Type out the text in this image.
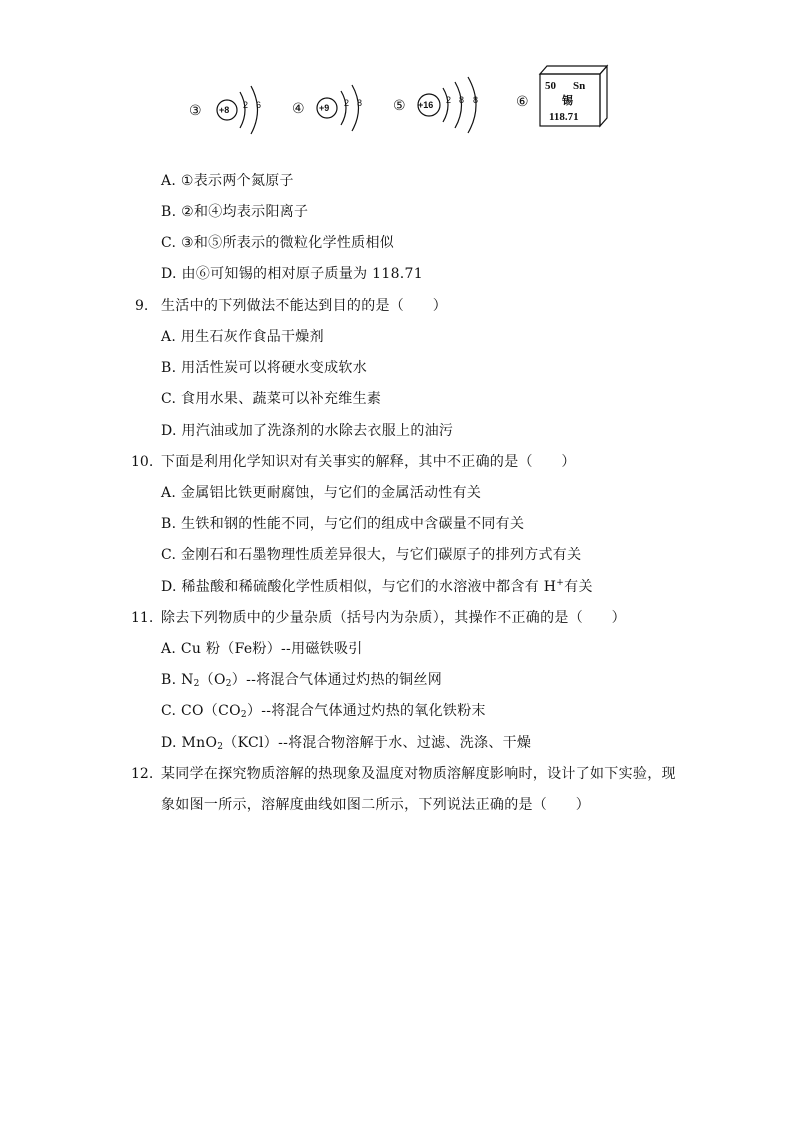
③ +8 2 6 ④ +9 2 8 ⑤ +16 2 8 8	⑥
50 Sn
锡
118.71
A. ①表示两个氮原子
B. ②和④均表示阳离子
C. ③和⑤所表示的微粒化学性质相似
D. 由⑥可知锡的相对原子质量为 118.71
9. 生活中的下列做法不能达到目的的是（　　）
A. 用生石灰作食品干燥剂
B. 用活性炭可以将硬水变成软水
C. 食用水果、蔬菜可以补充维生素
D. 用汽油或加了洗涤剂的水除去衣服上的油污
10. 下面是利用化学知识对有关事实的解释，其中不正确的是（　　）
A. 金属铝比铁更耐腐蚀，与它们的金属活动性有关
B. 生铁和钢的性能不同，与它们的组成中含碳量不同有关
C. 金刚石和石墨物理性质差异很大，与它们碳原子的排列方式有关
D. 稀盐酸和稀硫酸化学性质相似，与它们的水溶液中都含有 H+有关
11. 除去下列物质中的少量杂质（括号内为杂质），其操作不正确的是（　　）
A. Cu 粉（Fe粉）--用磁铁吸引
B. $N_2(O_2)--$将混合气体通过灼热的铜丝网
C. $CO(CO_2)--$将混合气体通过灼热的氧化铁粉末
D. MnO$_2$（KCl）--将混合物溶解于水、过滤、洗涤、干燥
12. 某同学在探究物质溶解的热现象及温度对物质溶解度影响时，设计了如下实验，现
象如图一所示，溶解度曲线如图二所示，下列说法正确的是（　　）
